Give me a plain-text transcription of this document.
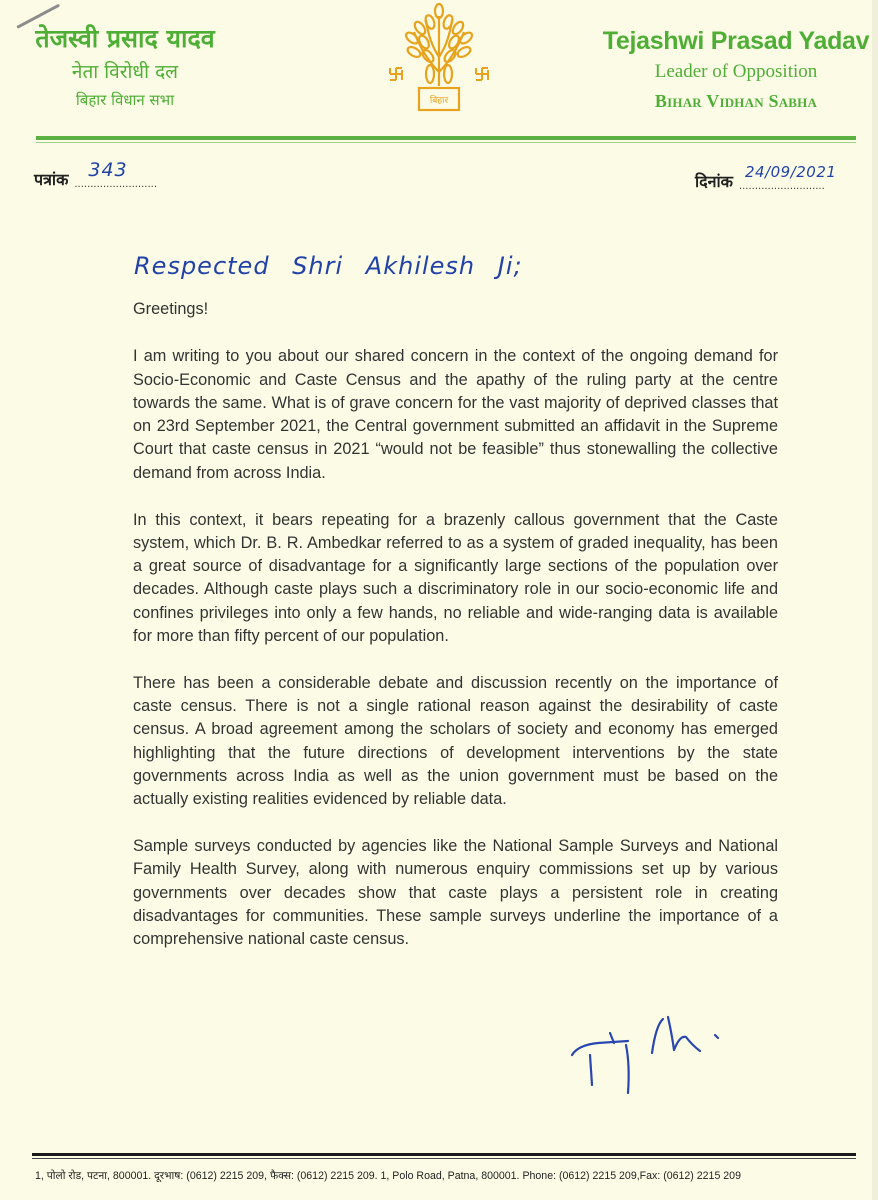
तेजस्वी प्रसाद यादव
नेता विरोधी दल
बिहार विधान सभा	बिहार
Tejashwi Prasad Yadav
Leader of Opposition
Bihar Vidhan Sabha
पत्रांक	343
..........................	दिनांक 24/09/2021
...........................
Respected Shri Akhilesh Ji;

Greetings!

I am writing to you about our shared concern in the context of the ongoing demand for Socio-Economic and Caste Census and the apathy of the ruling party at the centre towards the same. What is of grave concern for the vast majority of deprived classes that on 23rd September 2021, the Central government submitted an affidavit in the Supreme Court that caste census in 2021 “would not be feasible” thus stonewalling the collective demand from across India.

In this context, it bears repeating for a brazenly callous government that the Caste system, which Dr. B. R. Ambedkar referred to as a system of graded inequality, has been a great source of disadvantage for a significantly large sections of the population over decades. Although caste plays such a discriminatory role in our socio-economic life and confines privileges into only a few hands, no reliable and wide-ranging data is available for more than fifty percent of our population.

There has been a considerable debate and discussion recently on the importance of caste census. There is not a single rational reason against the desirability of caste census. A broad agreement among the scholars of society and economy has emerged highlighting that the future directions of development interventions by the state governments across India as well as the union government must be based on the actually existing realities evidenced by reliable data.

Sample surveys conducted by agencies like the National Sample Surveys and National Family Health Survey, along with numerous enquiry commissions set up by various governments over decades show that caste plays a persistent role in creating disadvantages for communities. These sample surveys underline the importance of a comprehensive national caste census.

1, पोलो रोड, पटना, 800001. दूरभाष: (0612) 2215 209, फैक्स: (0612) 2215 209. 1, Polo Road, Patna, 800001. Phone: (0612) 2215 209,Fax: (0612) 2215 209
